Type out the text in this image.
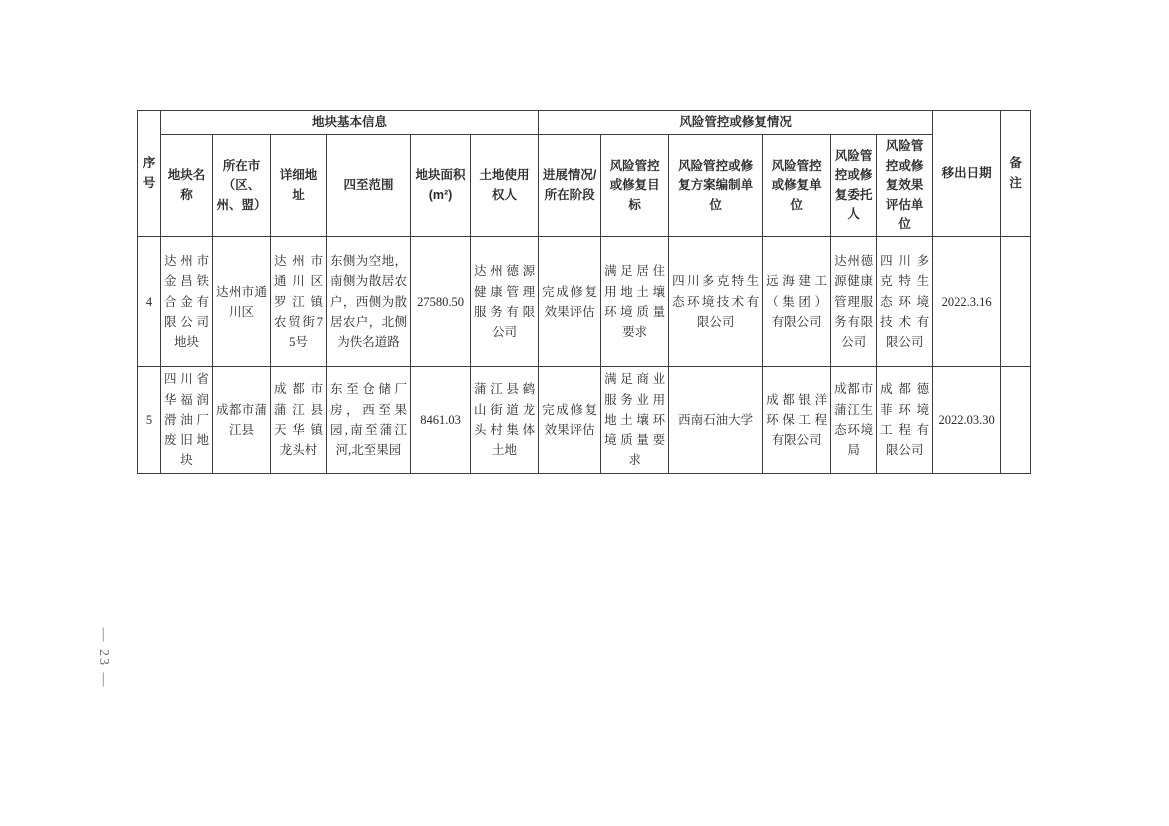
— 23 —
序号	地块基本信息						风险管控或修复情况						移出日期	备注
	地块名称	所在市（区、州、盟）	详细地址	四至范围	地块面积(m²)	土地使用权人	进展情况/所在阶段	风险管控或修复目标	风险管控或修复方案编制单位	风险管控或修复单位	风险管控或修复委托人	风险管控或修复效果评估单位		
4	达州市金昌铁合金有限公司地块	达州市通川区	达州市通川区罗江镇农贸街75号	东侧为空地，南侧为散居农户，西侧为散居农户，北侧为佚名道路	27580.50	达州德源健康管理服务有限公司	完成修复效果评估	满足居住用地土壤环境质量要求	四川多克特生态环境技术有限公司	远海建工（集团）有限公司	达州德源健康管理服务有限公司	四川多克特生态环境技术有限公司	2022.3.16	
5	四川省华福润滑油厂废旧地块	成都市蒲江县	成都市蒲江县天华镇龙头村	东至仓储厂房，西至果园,南至蒲江河,北至果园	8461.03	蒲江县鹤山街道龙头村集体土地	完成修复效果评估	满足商业服务业用地土壤环境质量要求	西南石油大学	成都银洋环保工程有限公司	成都市蒲江生态环境局	成都德菲环境工程有限公司	2022.03.30	
